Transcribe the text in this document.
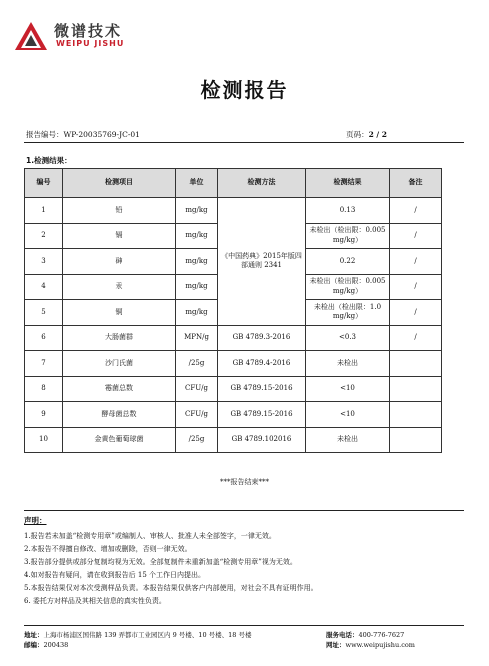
微谱技术
WEIPU JISHU
检测报告
报告编号：WP-20035769-JC-01	页码：2 / 2
1.检测结果：
编号	检测项目	单位	检测方法	检测结果	备注
1	铅	mg/kg	《中国药典》2015年版四部通则 2341	0.13	/
2	镉	mg/kg		未检出（检出限：0.005 mg/kg）	/
3	砷	mg/kg		0.22	/
4	汞	mg/kg		未检出（检出限：0.005 mg/kg）	/
5	铜	mg/kg		未检出（检出限：1.0 mg/kg）	/
6	大肠菌群	MPN/g	GB 4789.3-2016	<0.3	/
7	沙门氏菌	/25g	GB 4789.4-2016	未检出	
8	霉菌总数	CFU/g	GB 4789.15-2016	<10	
9	酵母菌总数	CFU/g	GB 4789.15-2016	<10	
10	金黄色葡萄球菌	/25g	GB 4789.102016	未检出	
***报告结束***
声明：
1.报告若未加盖“检测专用章”或编制人、审核人、批准人未全部签字，一律无效。
2.本报告不得擅自修改、增加或删除，否则一律无效。
3.报告部分提供或部分复制均视为无效。全部复制件未重新加盖“检测专用章”视为无效。
4.如对报告有疑问，请在收到报告后 15 个工作日内提出。
5.本报告结果仅对本次受测样品负责。本报告结果仅供客户内部使用，对社会不具有证明作用。
6. 委托方对样品及其相关信息的真实性负责。
地址：上海市杨浦区国伟路 139 弄都市工业园区内 9 号楼、10 号楼、18 号楼
邮编：200438
服务电话：400-776-7627
网址：www.weipujishu.com
